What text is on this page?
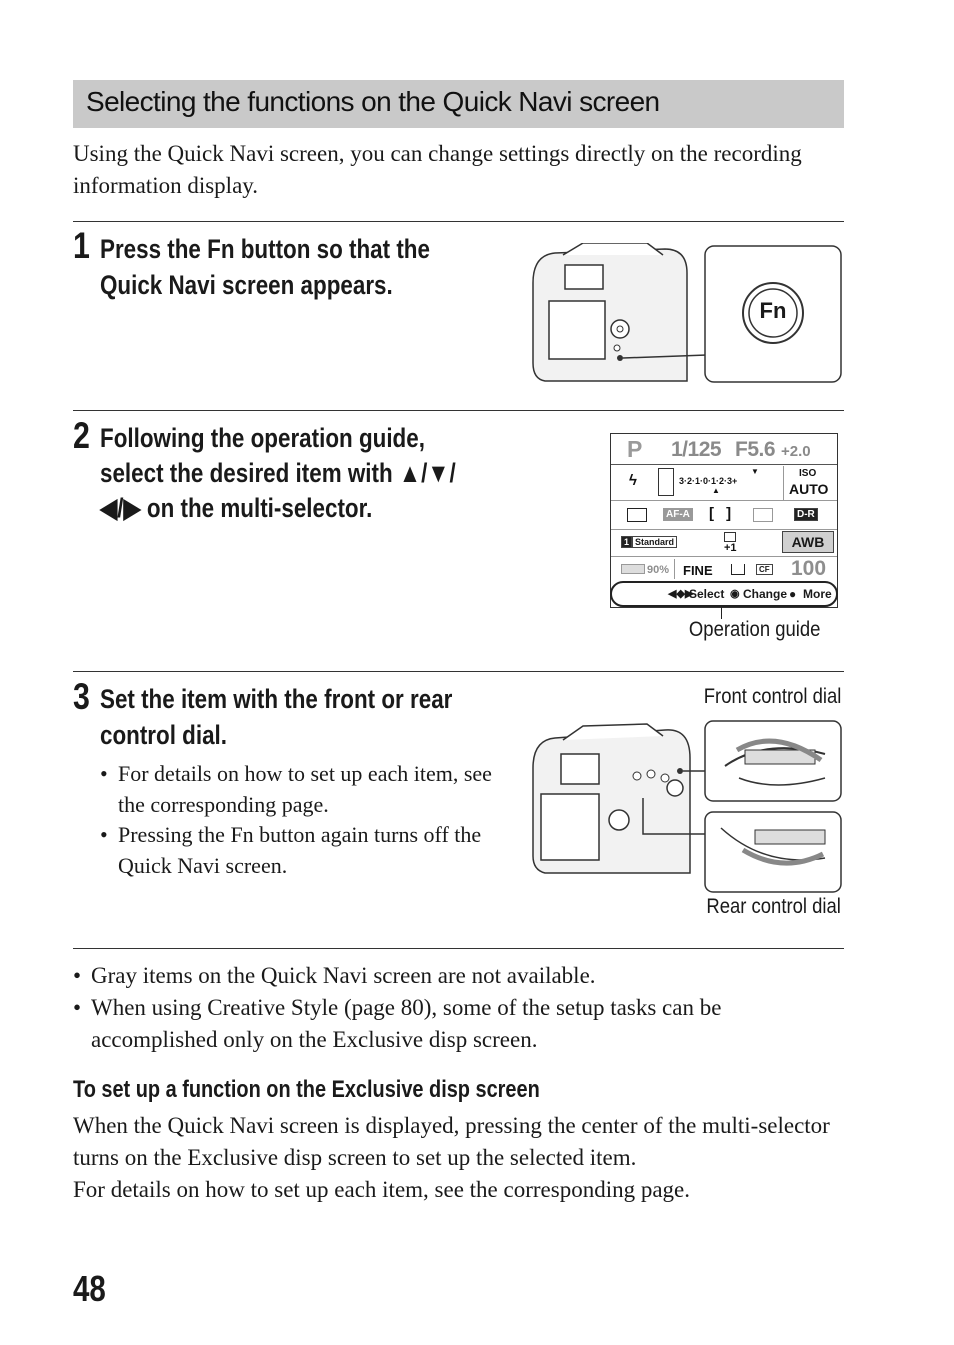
Selecting the functions on the Quick Navi screen

Using the Quick Navi screen, you can change settings directly on the recording information display.

1 Press the Fn button so that the
Quick Navi screen appears.
Fn
2 Following the operation guide,
select the desired item with ▲/▼/
◀/▶ on the multi-selector.
P 1/125 F5.6 +2.0
ϟ	3·2·1·0·1·2·3+
▼
▲
ISO
AUTO
AF-A [ ]	D-R
1 Standard	+1	AWB
90% FINE	CF 100
◀◆▶
Select ◉ Change ● More
Operation guide
3 Set the item with the front or rear
control dial.
• For details on how to set up each item, see the corresponding page.
• Pressing the Fn button again turns off the Quick Navi screen.
Front control dial
Rear control dial
• Gray items on the Quick Navi screen are not available.
• When using Creative Style (page 80), some of the setup tasks can be accomplished only on the Exclusive disp screen.
To set up a function on the Exclusive disp screen

When the Quick Navi screen is displayed, pressing the center of the multi-selector turns on the Exclusive disp screen to set up the selected item.

For details on how to set up each item, see the corresponding page.

48
